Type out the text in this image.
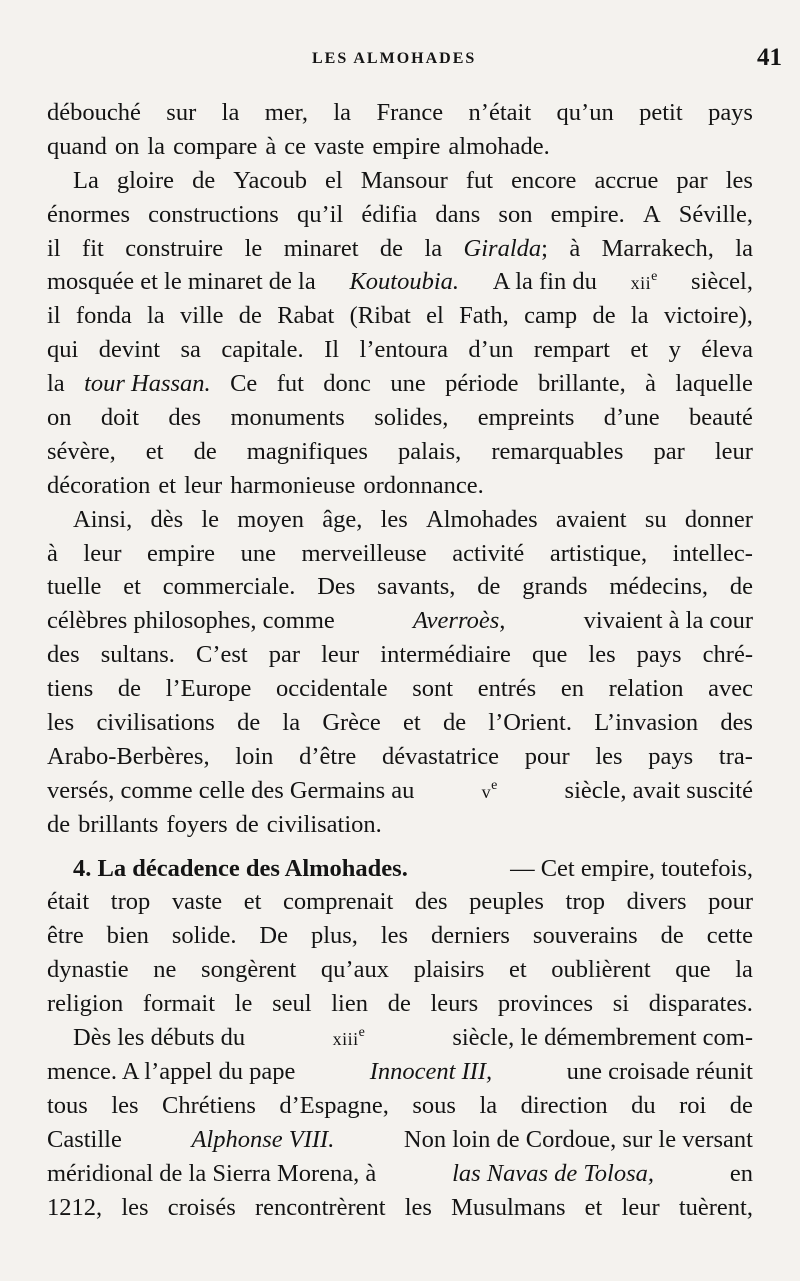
LES ALMOHADES	41
débouché sur la mer, la France n’était qu’un petit pays
quand on la compare à ce vaste empire almohade.
La gloire de Yacoub el Mansour fut encore accrue par les
énormes constructions qu’il édifia dans son empire. A Séville,
il fit construire le minaret de la Giralda; à Marrakech, la
mosquée et le minaret de la Koutoubia. A la fin du xii$^e$ siècel,
il fonda la ville de Rabat (Ribat el Fath, camp de la victoire),
qui devint sa capitale. Il l’entoura d’un rempart et y éleva
la tour Hassan. Ce fut donc une période brillante, à laquelle
on doit des monuments solides, empreints d’une beauté
sévère, et de magnifiques palais, remarquables par leur
décoration et leur harmonieuse ordonnance.
Ainsi, dès le moyen âge, les Almohades avaient su donner
à leur empire une merveilleuse activité artistique, intellec-
tuelle et commerciale. Des savants, de grands médecins, de
célèbres philosophes, comme	Averroès,	vivaient à la cour
des sultans. C’est par leur intermédiaire que les pays chré-
tiens de l’Europe occidentale sont entrés en relation avec
les civilisations de la Grèce et de l’Orient. L’invasion des
Arabo-Berbères, loin d’être dévastatrice pour les pays tra-
versés, comme celle des Germains au	$v^e$	siècle, avait suscité
de brillants foyers de civilisation.
4. La décadence des Almohades.	— Cet empire, toutefois,
était trop vaste et comprenait des peuples trop divers pour
être bien solide. De plus, les derniers souverains de cette
dynastie ne songèrent qu’aux plaisirs et oublièrent que la
religion formait le seul lien de leurs provinces si disparates.
Dès les débuts du	xiii$^e$	siècle, le démembrement com-
mence. A l’appel du pape	Innocent III,	une croisade réunit
tous les Chrétiens d’Espagne, sous la direction du roi de
Castille	Alphonse VIII.	Non loin de Cordoue, sur le versant
méridional de la Sierra Morena, à	las Navas de Tolosa,	en
1212, les croisés rencontrèrent les Musulmans et leur tuèrent,
